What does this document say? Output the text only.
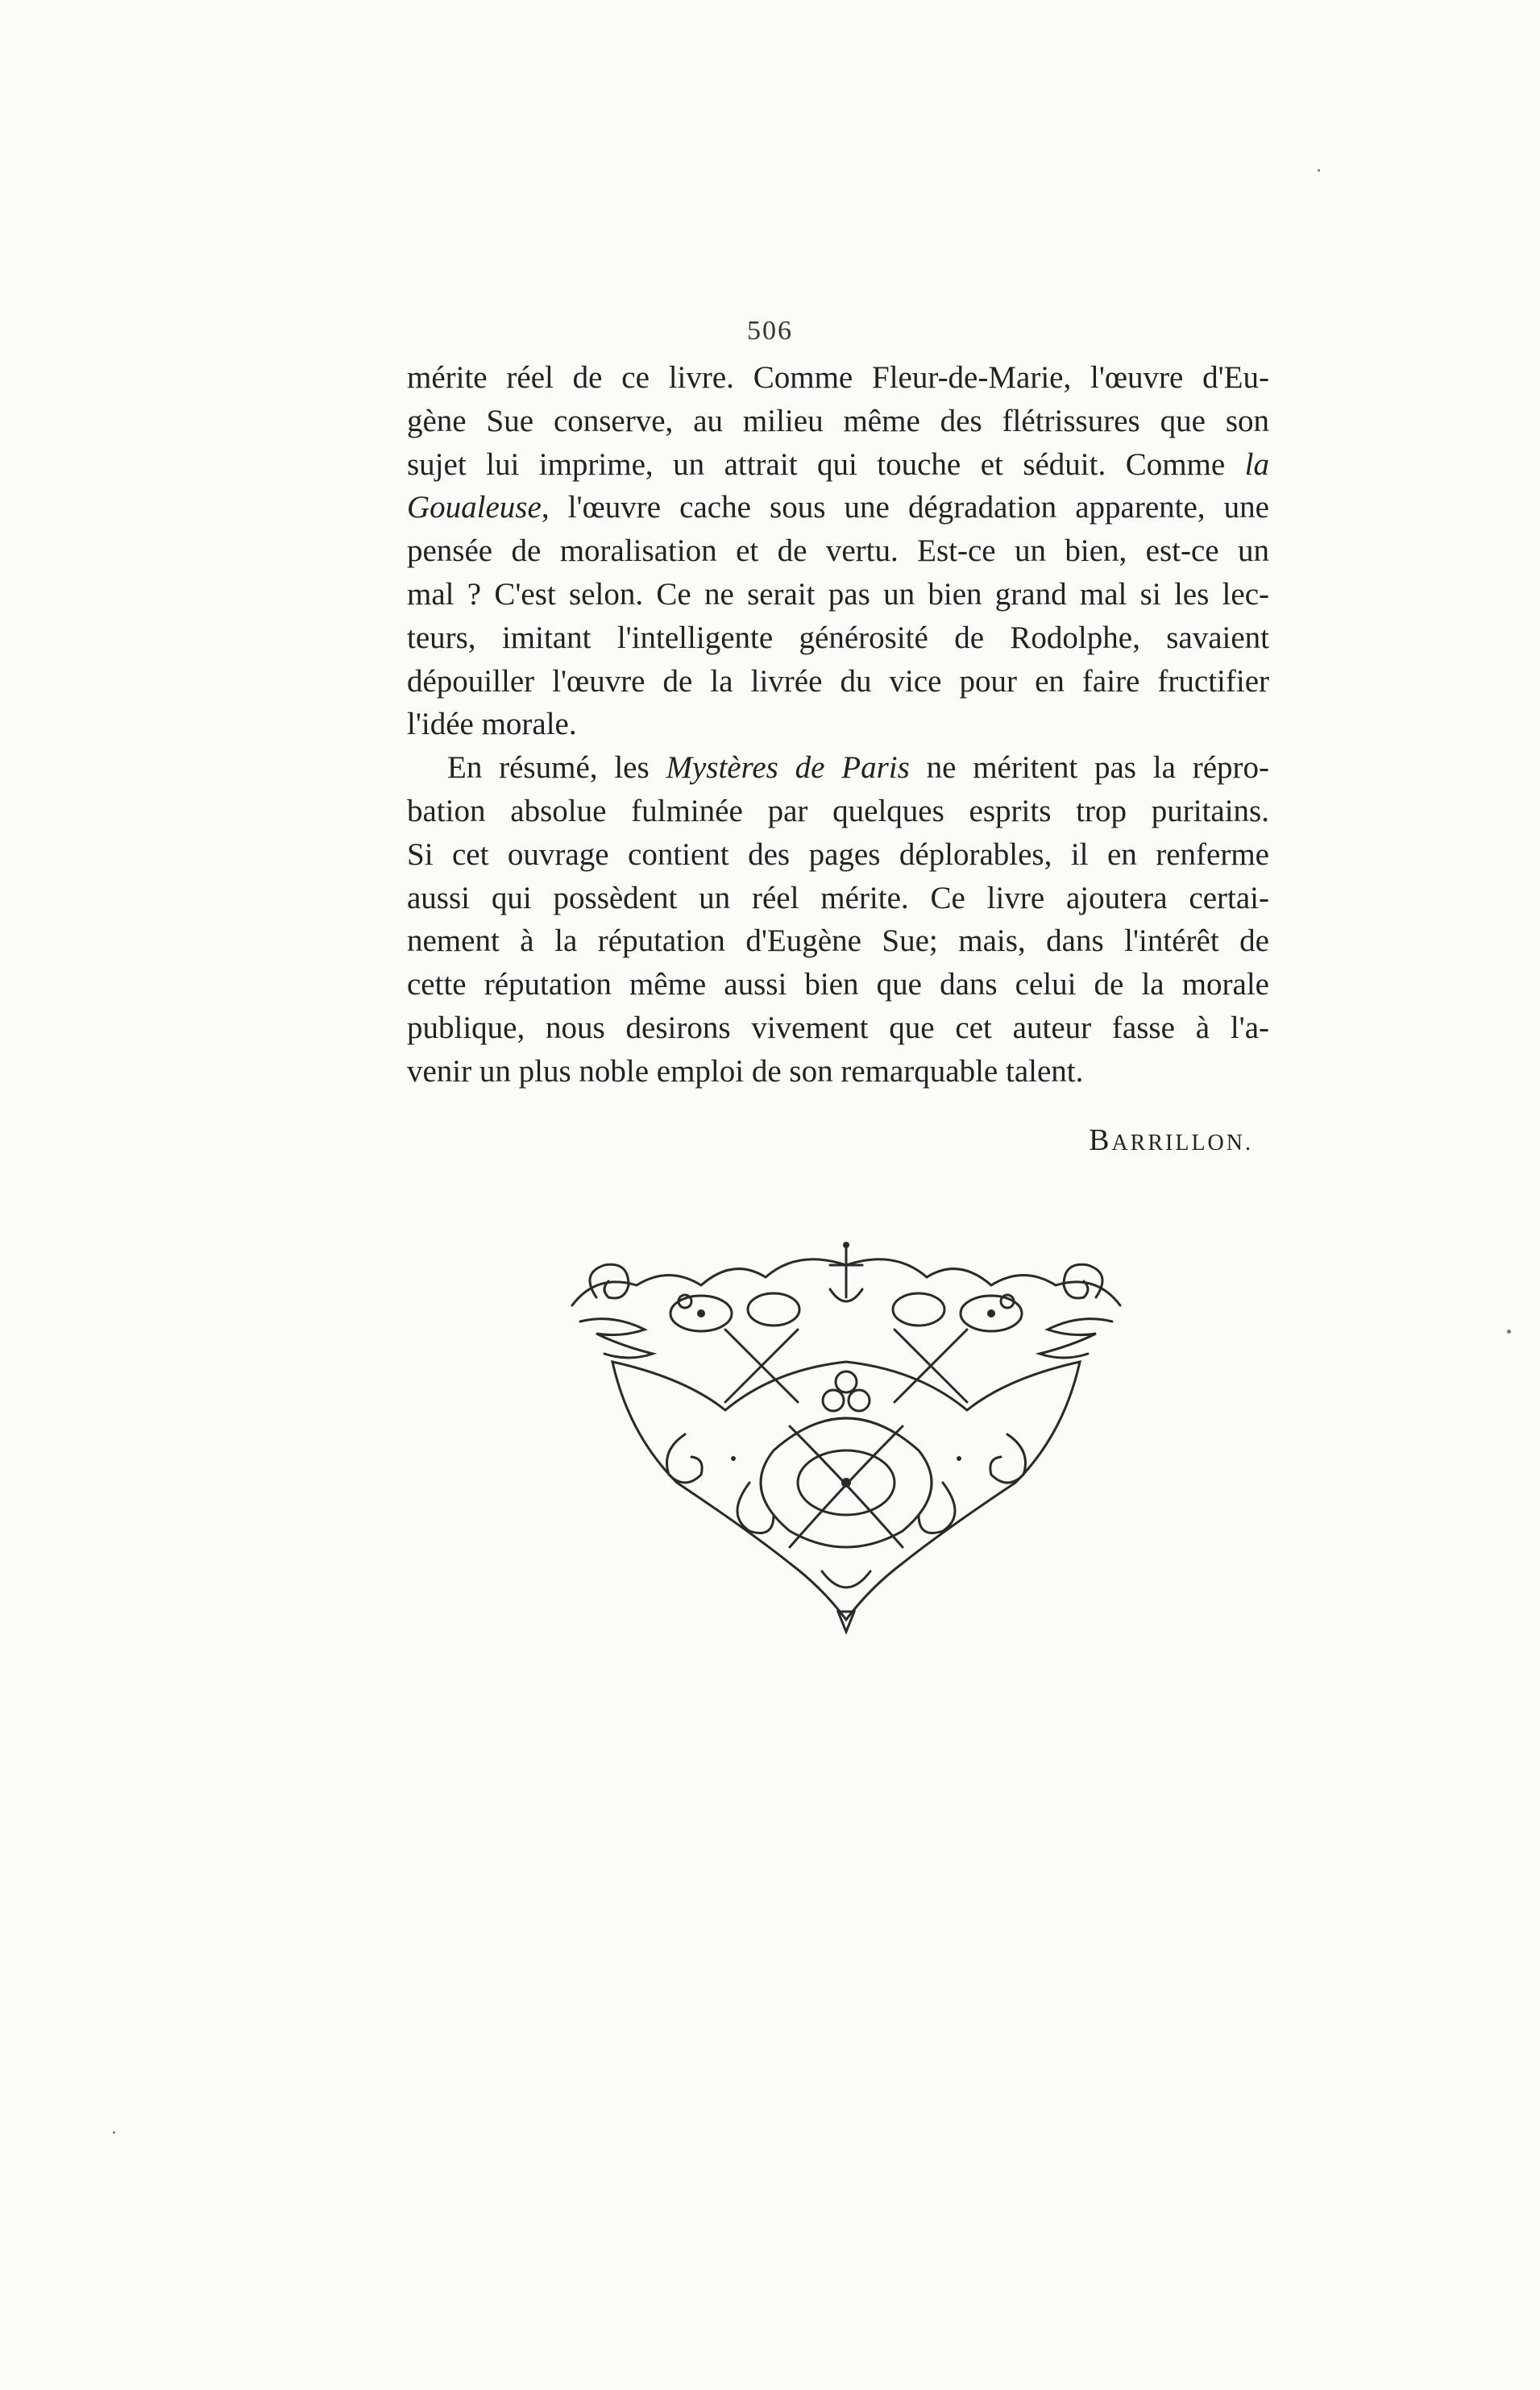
506
mérite réel de ce livre. Comme Fleur-de-Marie, l'œuvre d'Eu-
gène Sue conserve, au milieu même des flétrissures que son
sujet lui imprime, un attrait qui touche et séduit. Comme la
Goualeuse, l'œuvre cache sous une dégradation apparente, une
pensée de moralisation et de vertu. Est-ce un bien, est-ce un
mal ? C'est selon. Ce ne serait pas un bien grand mal si les lec-
teurs, imitant l'intelligente générosité de Rodolphe, savaient
dépouiller l'œuvre de la livrée du vice pour en faire fructifier
l'idée morale.
En résumé, les Mystères de Paris ne méritent pas la répro-
bation absolue fulminée par quelques esprits trop puritains.
Si cet ouvrage contient des pages déplorables, il en renferme
aussi qui possèdent un réel mérite. Ce livre ajoutera certai-
nement à la réputation d'Eugène Sue; mais, dans l'intérêt de
cette réputation même aussi bien que dans celui de la morale
publique, nous desirons vivement que cet auteur fasse à l'a-
venir un plus noble emploi de son remarquable talent.
BARRILLON.
